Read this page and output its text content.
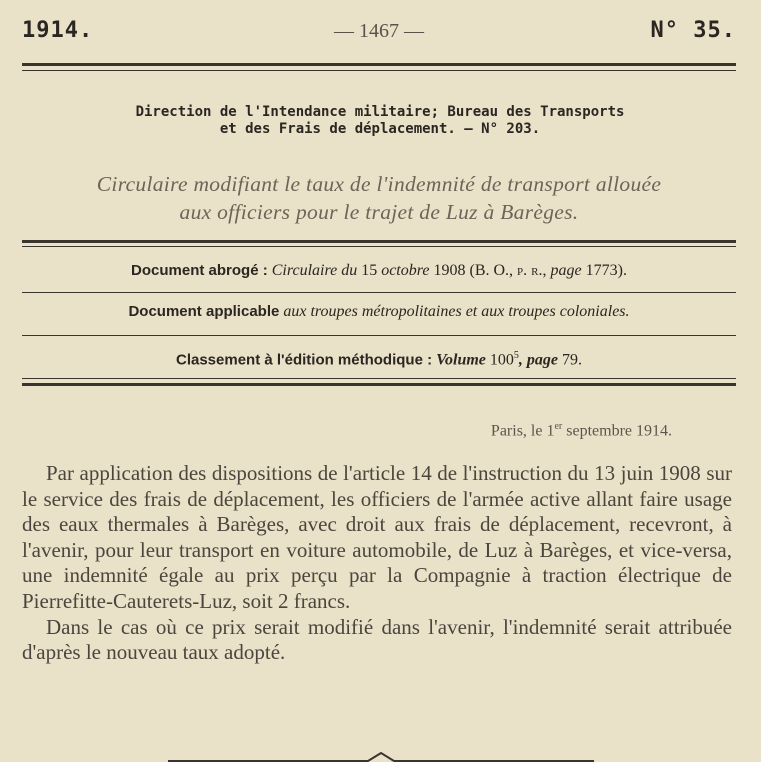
1914.	— 1467 —	N° 35.
Direction de l'Intendance militaire; Bureau des Transports
et des Frais de déplacement. — N° 203.
Circulaire modifiant le taux de l'indemnité de transport allouée
aux officiers pour le trajet de Luz à Barèges.
Document abrogé : Circulaire du 15 octobre 1908 (B. O., p. r., page 1773).
Document applicable aux troupes métropolitaines et aux troupes coloniales.
Classement à l'édition méthodique : Volume $100^5$, page 79.
Paris, le 1er septembre 1914.

Par application des dispositions de l'article 14 de l'instruction du 13 juin 1908 sur le service des frais de déplacement, les officiers de l'armée active allant faire usage des eaux thermales à Barèges, avec droit aux frais de déplacement, recevront, à l'avenir, pour leur transport en voiture automobile, de Luz à Barèges, et vice-versa, une indemnité égale au prix perçu par la Compagnie à traction électrique de Pierrefitte-Cauterets-Luz, soit 2 francs.

Dans le cas où ce prix serait modifié dans l'avenir, l'indemnité serait attribuée d'après le nouveau taux adopté.
